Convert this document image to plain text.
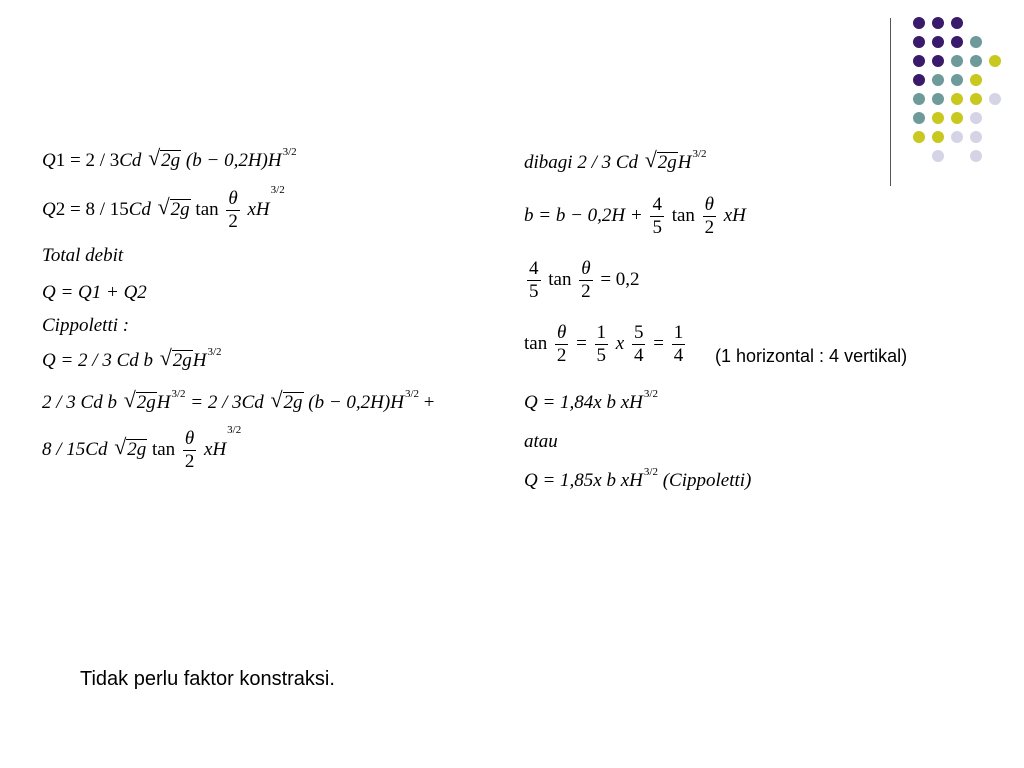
Q1 = 2 / 3Cd √ 2g $(b - 0,2H)H^{3/2}$
Q2 = 8 / 15Cd √ 2g $\tan \frac{\theta}{2} xH^{3/2}$
Total debit
Q = Q1 + Q2
Cippoletti :
Q = 2 / 3 Cd b √ $2gH^{3/2}$
2 / 3 Cd b √ $2gH^{3/2} = 2 / 3Cd$ √ 2g $(b - 0,2H)H^{3/2}$ +
8 / 15Cd √ 2g $\tan \frac{\theta}{2} xH^{3/2}$
dibagi 2 / 3 Cd √ $2gH^{3/2}$
$b = b - 0,2H + \frac{4}{5}$ $\tan \frac{\theta}{2}$ xH
$\frac{4}{5}$ $\tan \frac{\theta}{2} = 0,2$
$\tan \frac{\theta}{2} = \frac{1}{5}$ x $\frac{5}{4} = \frac{1}{4} (1$ horizontal : 4 vertikal)
Q = 1,84x b $xH^{3/2}$
atau
Q = 1,85x b $xH^{3/2}$ (Cippoletti)
Tidak perlu faktor konstraksi.
